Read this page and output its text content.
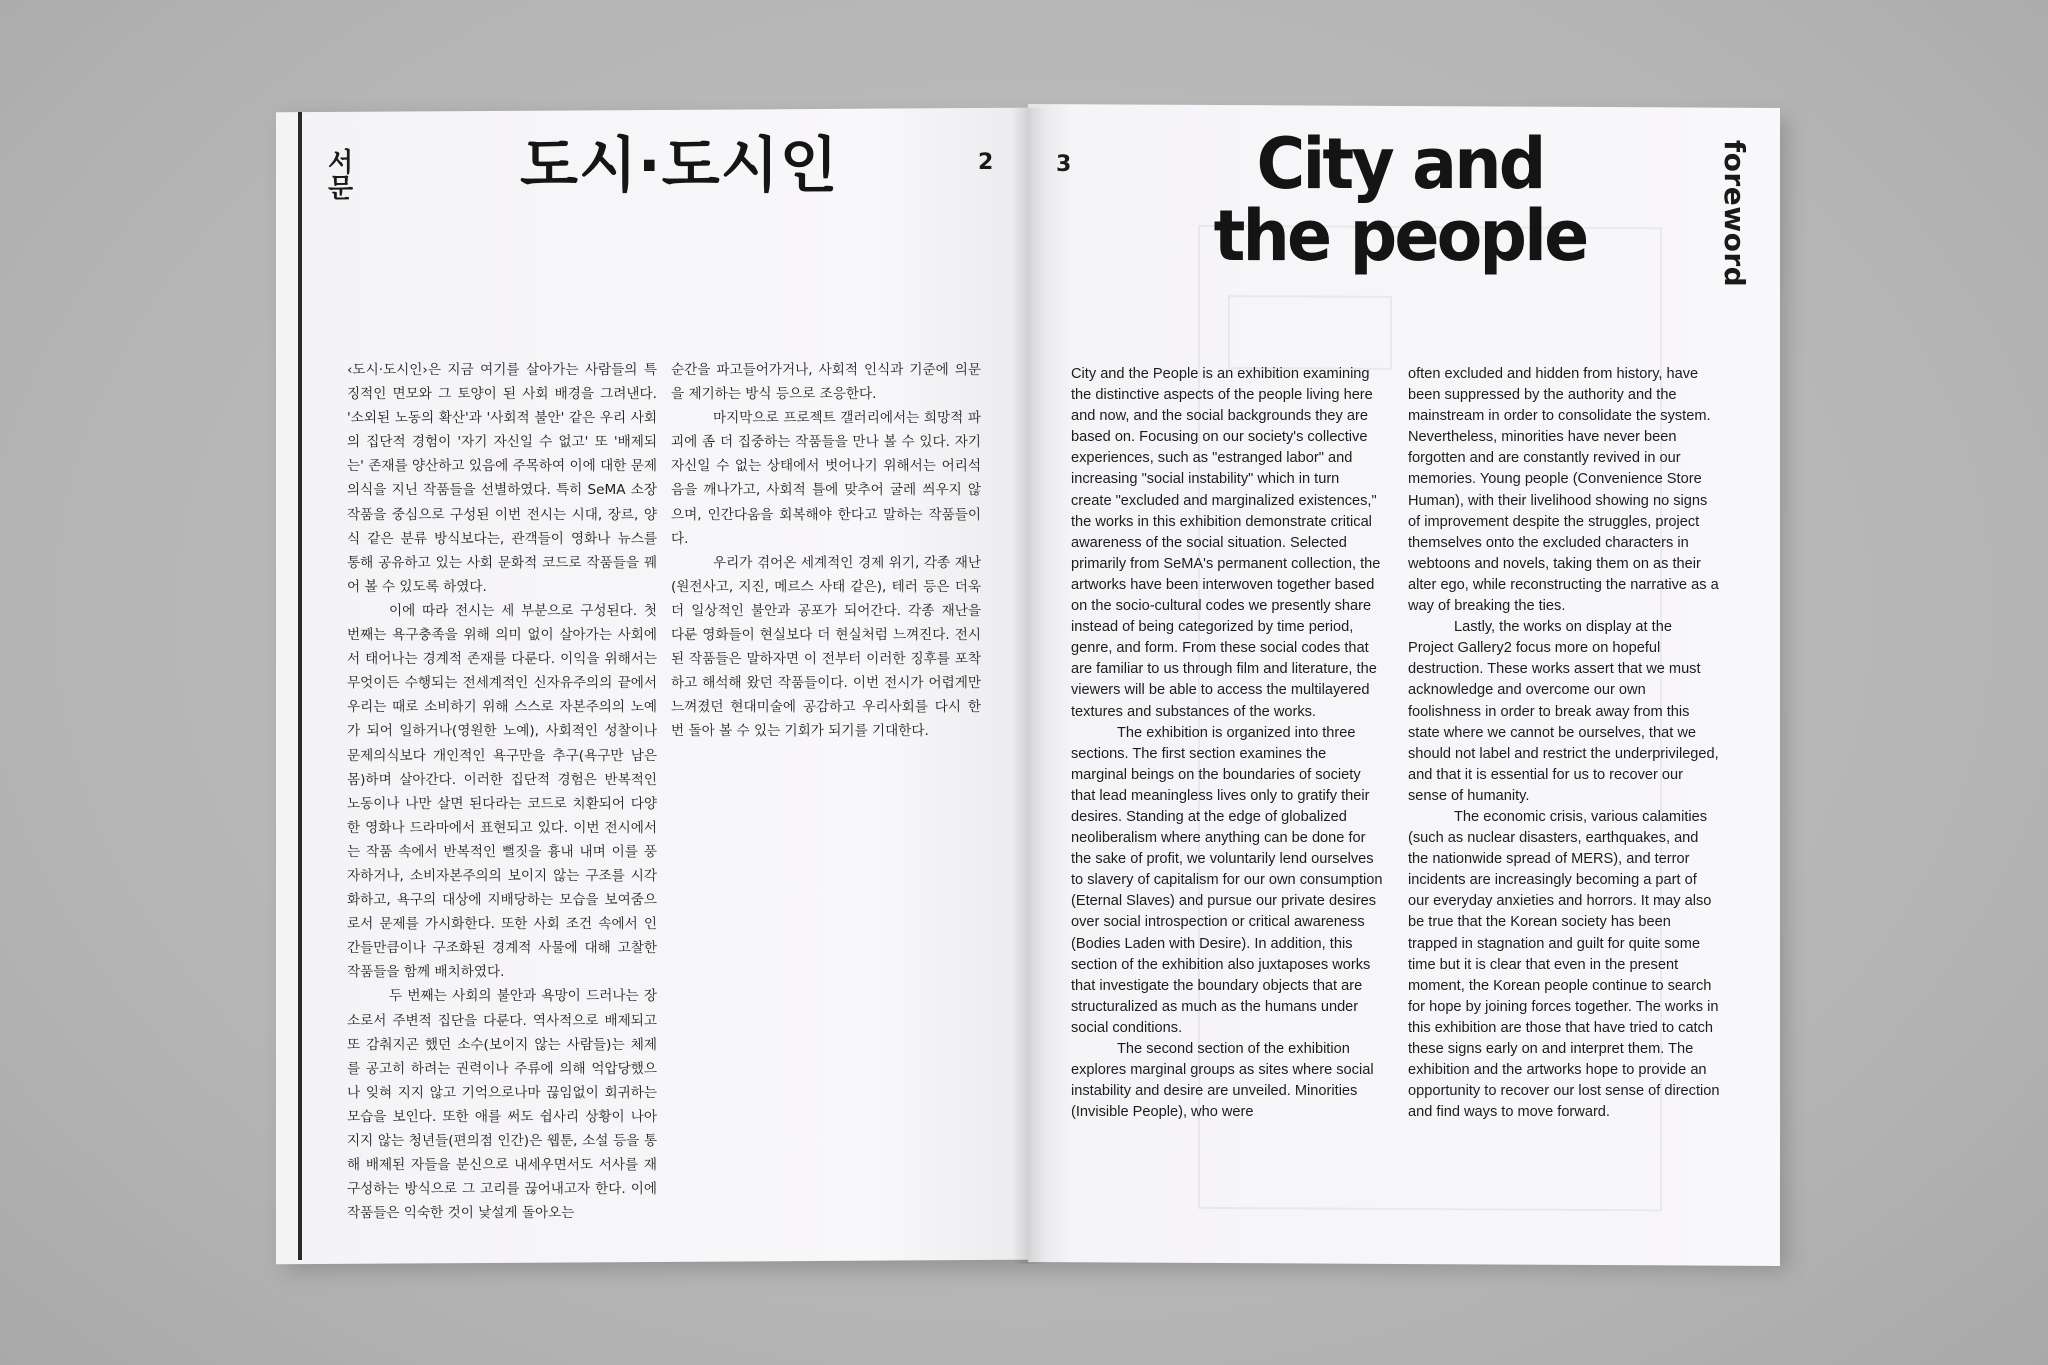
서문	도시·도시인	2

‹도시·도시인›은 지금 여기를 살아가는 사람들의 특징적인 면모와 그 토양이 된 사회 배경을 그려낸다. '소외된 노동의 확산'과 '사회적 불안' 같은 우리 사회의 집단적 경험이 '자기 자신일 수 없고' 또 '배제되는' 존재를 양산하고 있음에 주목하여 이에 대한 문제의식을 지닌 작품들을 선별하였다. 특히 SeMA 소장작품을 중심으로 구성된 이번 전시는 시대, 장르, 양식 같은 분류 방식보다는, 관객들이 영화나 뉴스를 통해 공유하고 있는 사회 문화적 코드로 작품들을 꿰어 볼 수 있도록 하였다.

이에 따라 전시는 세 부분으로 구성된다. 첫 번째는 욕구충족을 위해 의미 없이 살아가는 사회에서 태어나는 경계적 존재를 다룬다. 이익을 위해서는 무엇이든 수행되는 전세계적인 신자유주의의 끝에서 우리는 때로 소비하기 위해 스스로 자본주의의 노예가 되어 일하거나(영원한 노예), 사회적인 성찰이나 문제의식보다 개인적인 욕구만을 추구(욕구만 남은 몸)하며 살아간다. 이러한 집단적 경험은 반복적인 노동이나 나만 살면 된다라는 코드로 치환되어 다양한 영화나 드라마에서 표현되고 있다. 이번 전시에서는 작품 속에서 반복적인 뻘짓을 흉내 내며 이를 풍자하거나, 소비자본주의의 보이지 않는 구조를 시각화하고, 욕구의 대상에 지배당하는 모습을 보여줌으로서 문제를 가시화한다. 또한 사회 조건 속에서 인간들만큼이나 구조화된 경계적 사물에 대해 고찰한 작품들을 함께 배치하였다.

두 번째는 사회의 불안과 욕망이 드러나는 장소로서 주변적 집단을 다룬다. 역사적으로 배제되고 또 감춰지곤 했던 소수(보이지 않는 사람들)는 체제를 공고히 하려는 권력이나 주류에 의해 억압당했으나 잊혀 지지 않고 기억으로나마 끊임없이 회귀하는 모습을 보인다. 또한 애를 써도 쉽사리 상황이 나아지지 않는 청년들(편의점 인간)은 웹툰, 소설 등을 통해 배제된 자들을 분신으로 내세우면서도 서사를 재구성하는 방식으로 그 고리를 끊어내고자 한다. 이에 작품들은 익숙한 것이 낯설게 돌아오는

순간을 파고들어가거나, 사회적 인식과 기준에 의문을 제기하는 방식 등으로 조응한다.

마지막으로 프로젝트 갤러리에서는 희망적 파괴에 좀 더 집중하는 작품들을 만나 볼 수 있다. 자기 자신일 수 없는 상태에서 벗어나기 위해서는 어리석음을 깨나가고, 사회적 틀에 맞추어 굴레 씌우지 않으며, 인간다움을 회복해야 한다고 말하는 작품들이다.

우리가 겪어온 세계적인 경제 위기, 각종 재난(원전사고, 지진, 메르스 사태 같은), 테러 등은 더욱 더 일상적인 불안과 공포가 되어간다. 각종 재난을 다룬 영화들이 현실보다 더 현실처럼 느껴진다. 전시된 작품들은 말하자면 이 전부터 이러한 징후를 포착하고 해석해 왔던 작품들이다. 이번 전시가 어렵게만 느껴졌던 현대미술에 공감하고 우리사회를 다시 한번 돌아 볼 수 있는 기회가 되기를 기대한다.

3	City and
the people	foreword

City and the People is an exhibition examining the distinctive aspects of the people living here and now, and the social backgrounds they are based on. Focusing on our society's collective experiences, such as "estranged labor" and increasing "social instability" which in turn create "excluded and marginalized existences," the works in this exhibition demonstrate critical awareness of the social situation. Selected primarily from SeMA's permanent collection, the artworks have been interwoven together based on the socio-cultural codes we presently share instead of being categorized by time period, genre, and form. From these social codes that are familiar to us through film and literature, the viewers will be able to access the multilayered textures and substances of the works.

The exhibition is organized into three sections. The first section examines the marginal beings on the boundaries of society that lead meaningless lives only to gratify their desires. Standing at the edge of globalized neoliberalism where anything can be done for the sake of profit, we voluntarily lend ourselves to slavery of capitalism for our own consumption (Eternal Slaves) and pursue our private desires over social introspection or critical awareness (Bodies Laden with Desire). In addition, this section of the exhibition also juxtaposes works that investigate the boundary objects that are structuralized as much as the humans under social conditions.

The second section of the exhibition explores marginal groups as sites where social instability and desire are unveiled. Minorities (Invisible People), who were

often excluded and hidden from history, have been suppressed by the authority and the mainstream in order to consolidate the system. Nevertheless, minorities have never been forgotten and are constantly revived in our memories. Young people (Convenience Store Human), with their livelihood showing no signs of improvement despite the struggles, project themselves onto the excluded characters in webtoons and novels, taking them on as their alter ego, while reconstructing the narrative as a way of breaking the ties.

Lastly, the works on display at the Project Gallery2 focus more on hopeful destruction. These works assert that we must acknowledge and overcome our own foolishness in order to break away from this state where we cannot be ourselves, that we should not label and restrict the underprivileged, and that it is essential for us to recover our sense of humanity.

The economic crisis, various calamities (such as nuclear disasters, earthquakes, and the nationwide spread of MERS), and terror incidents are increasingly becoming a part of our everyday anxieties and horrors. It may also be true that the Korean society has been trapped in stagnation and guilt for quite some time but it is clear that even in the present moment, the Korean people continue to search for hope by joining forces together. The works in this exhibition are those that have tried to catch these signs early on and interpret them. The exhibition and the artworks hope to provide an opportunity to recover our lost sense of direction and find ways to move forward.
